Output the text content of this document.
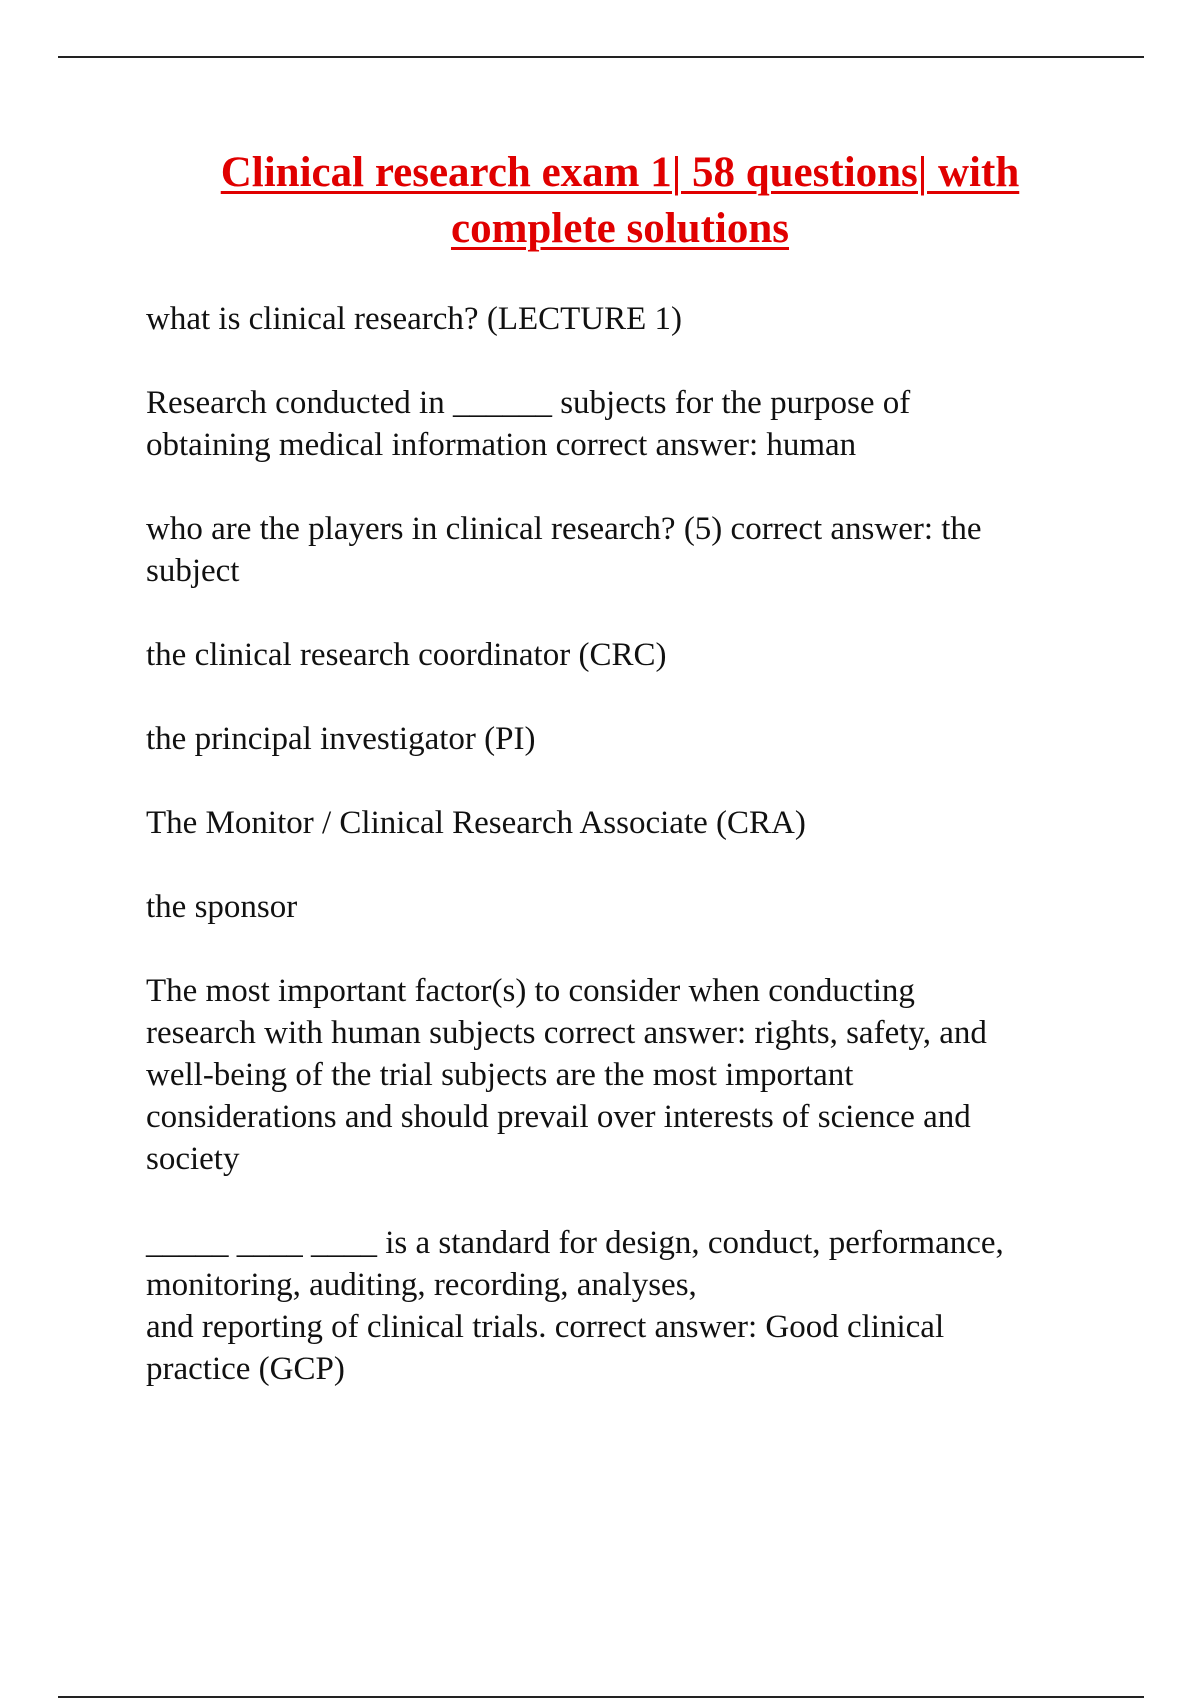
Clinical research exam 1| 58 questions| with
complete solutions

what is clinical research? (LECTURE 1)

Research conducted in ______ subjects for the purpose of
obtaining medical information correct answer: human

who are the players in clinical research? (5) correct answer: the
subject

the clinical research coordinator (CRC)

the principal investigator (PI)

The Monitor / Clinical Research Associate (CRA)

the sponsor

The most important factor(s) to consider when conducting
research with human subjects correct answer: rights, safety, and
well-being of the trial subjects are the most important
considerations and should prevail over interests of science and
society

_____ ____ ____ is a standard for design, conduct, performance,
monitoring, auditing, recording, analyses,
and reporting of clinical trials. correct answer: Good clinical
practice (GCP)
